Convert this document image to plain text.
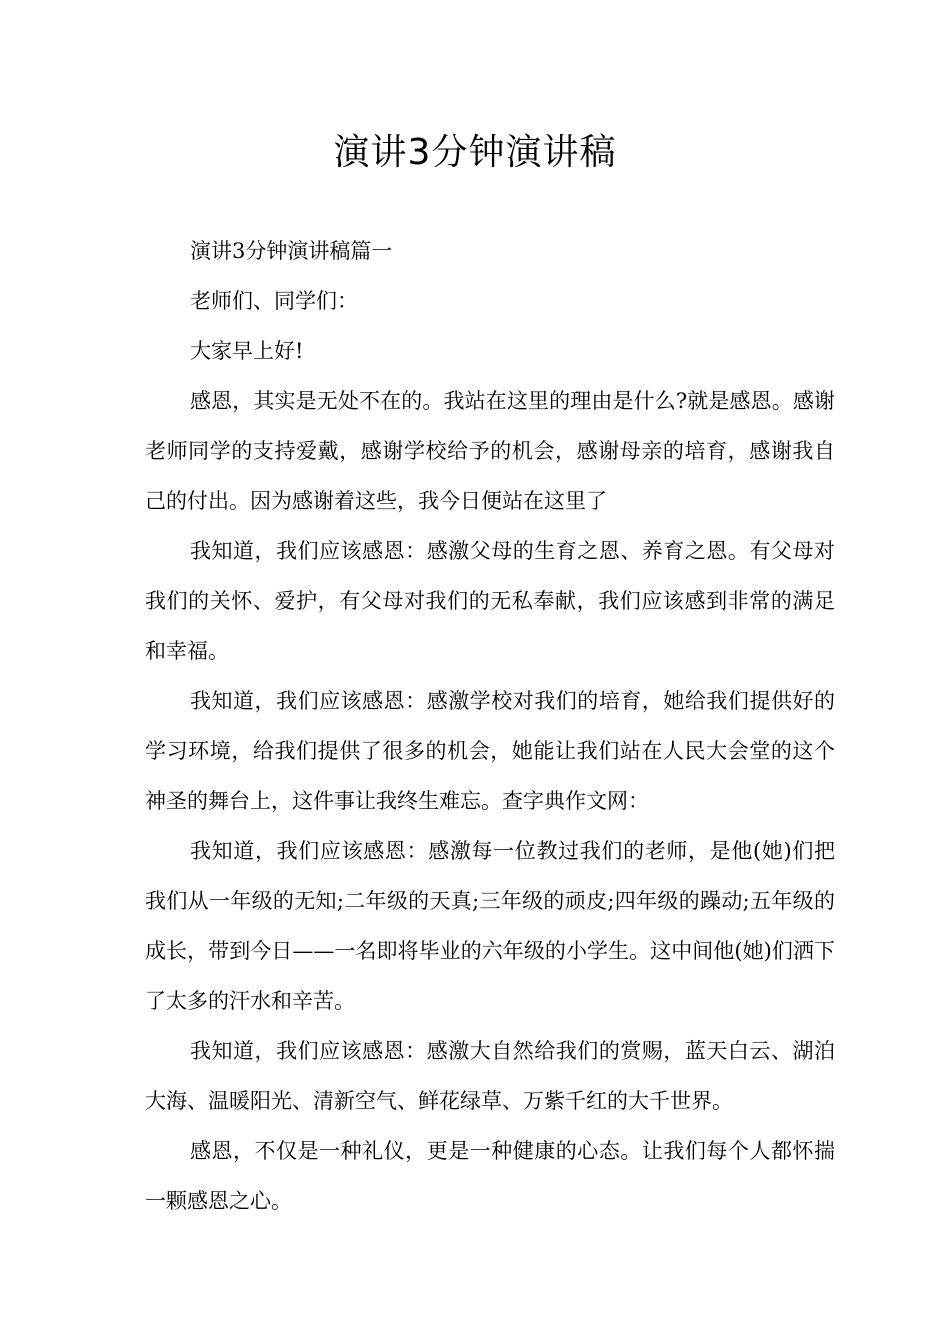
演讲3分钟演讲稿

演讲3分钟演讲稿篇一

老师们、同学们：

大家早上好!

感恩，其实是无处不在的。我站在这里的理由是什么?就是感恩。感谢老师同学的支持爱戴，感谢学校给予的机会，感谢母亲的培育，感谢我自己的付出。因为感谢着这些，我今日便站在这里了

我知道，我们应该感恩：感激父母的生育之恩、养育之恩。有父母对我们的关怀、爱护，有父母对我们的无私奉献，我们应该感到非常的满足和幸福。

我知道，我们应该感恩：感激学校对我们的培育，她给我们提供好的学习环境，给我们提供了很多的机会，她能让我们站在人民大会堂的这个神圣的舞台上，这件事让我终生难忘。查字典作文网：

我知道，我们应该感恩：感激每一位教过我们的老师，是他(她)们把我们从一年级的无知;二年级的天真;三年级的顽皮;四年级的躁动;五年级的成长，带到今日——一名即将毕业的六年级的小学生。这中间他(她)们洒下了太多的汗水和辛苦。

我知道，我们应该感恩：感激大自然给我们的赏赐，蓝天白云、湖泊大海、温暖阳光、清新空气、鲜花绿草、万紫千红的大千世界。

感恩，不仅是一种礼仪，更是一种健康的心态。让我们每个人都怀揣一颗感恩之心。
